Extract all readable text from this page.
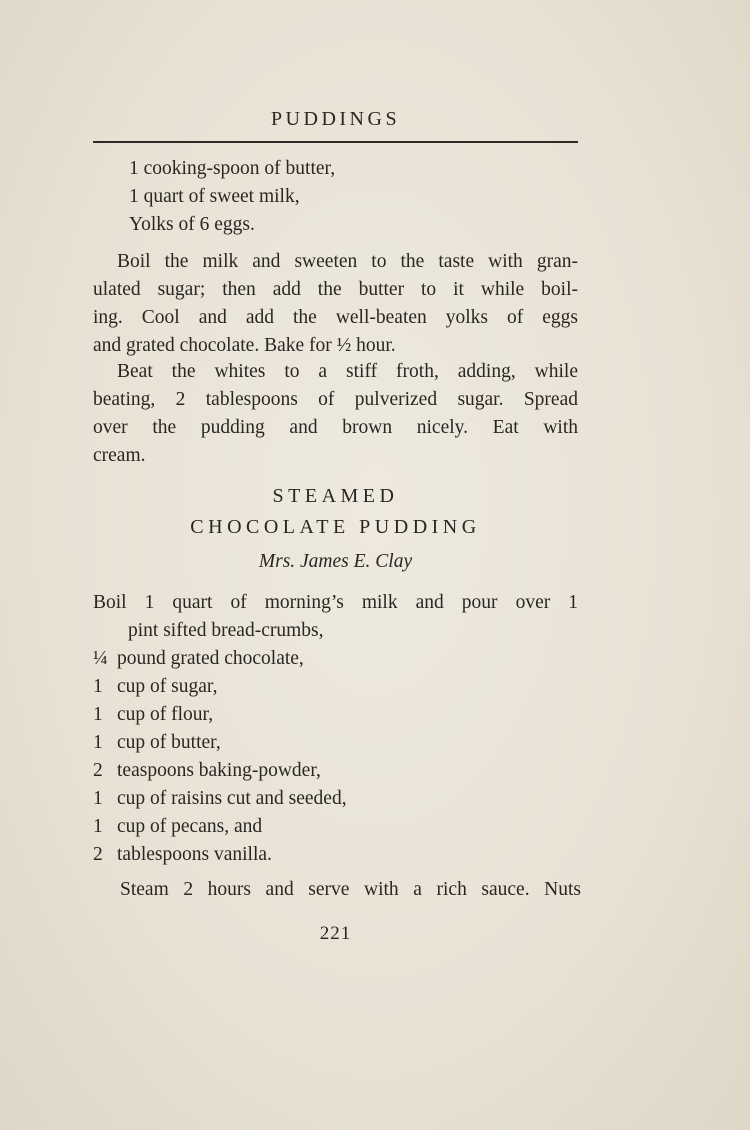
PUDDINGS
1 cooking-spoon of butter,
1 quart of sweet milk,
Yolks of 6 eggs.
Boil the milk and sweeten to the taste with gran-
ulated sugar; then add the butter to it while boil-
ing. Cool and add the well-beaten yolks of eggs
and grated chocolate. Bake for ½ hour.
Beat the whites to a stiff froth, adding, while
beating, 2 tablespoons of pulverized sugar. Spread
over the pudding and brown nicely. Eat with
cream.
STEAMED
CHOCOLATE PUDDING
Mrs. James E. Clay
Boil 1 quart of morning’s milk and pour over 1
pint sifted bread-crumbs,
¼ pound grated chocolate,
1 cup of sugar,
1 cup of flour,
1 cup of butter,
2 teaspoons baking-powder,
1 cup of raisins cut and seeded,
1 cup of pecans, and
2 tablespoons vanilla.
Steam 2 hours and serve with a rich sauce. Nuts
221
